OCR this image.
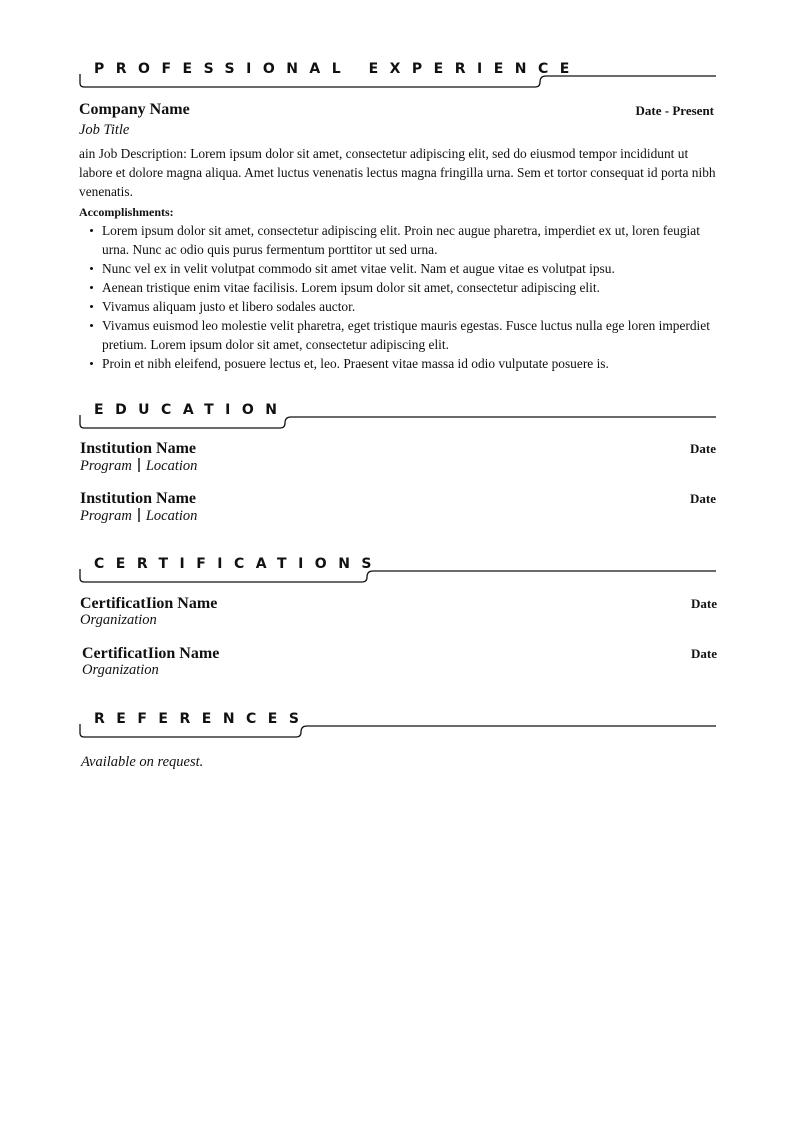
PROFESSIONAL EXPERIENCE
Company Name	Date - Present
Job Title
ain Job Description: Lorem ipsum dolor sit amet, consectetur adipiscing elit, sed do eiusmod tempor incididunt ut labore et dolore magna aliqua. Amet luctus venenatis lectus magna fringilla urna. Sem et tortor consequat id porta nibh venenatis.
Accomplishments:
Lorem ipsum dolor sit amet, consectetur adipiscing elit. Proin nec augue pharetra, imperdiet ex ut, loren feugiat urna. Nunc ac odio quis purus fermentum porttitor ut sed urna.
Nunc vel ex in velit volutpat commodo sit amet vitae velit. Nam et augue vitae es volutpat ipsu.
Aenean tristique enim vitae facilisis. Lorem ipsum dolor sit amet, consectetur adipiscing elit.
Vivamus aliquam justo et libero sodales auctor.
Vivamus euismod leo molestie velit pharetra, eget tristique mauris egestas. Fusce luctus nulla ege loren imperdiet pretium. Lorem ipsum dolor sit amet, consectetur adipiscing elit.
Proin et nibh eleifend, posuere lectus et, leo. Praesent vitae massa id odio vulputate posuere is.
EDUCATION
Institution Name	Date
Program Location
Institution Name	Date
Program Location
CERTIFICATIONS
CertificatIion Name	Date
Organization
CertificatIion Name	Date
Organization
REFERENCES
Available on request.
